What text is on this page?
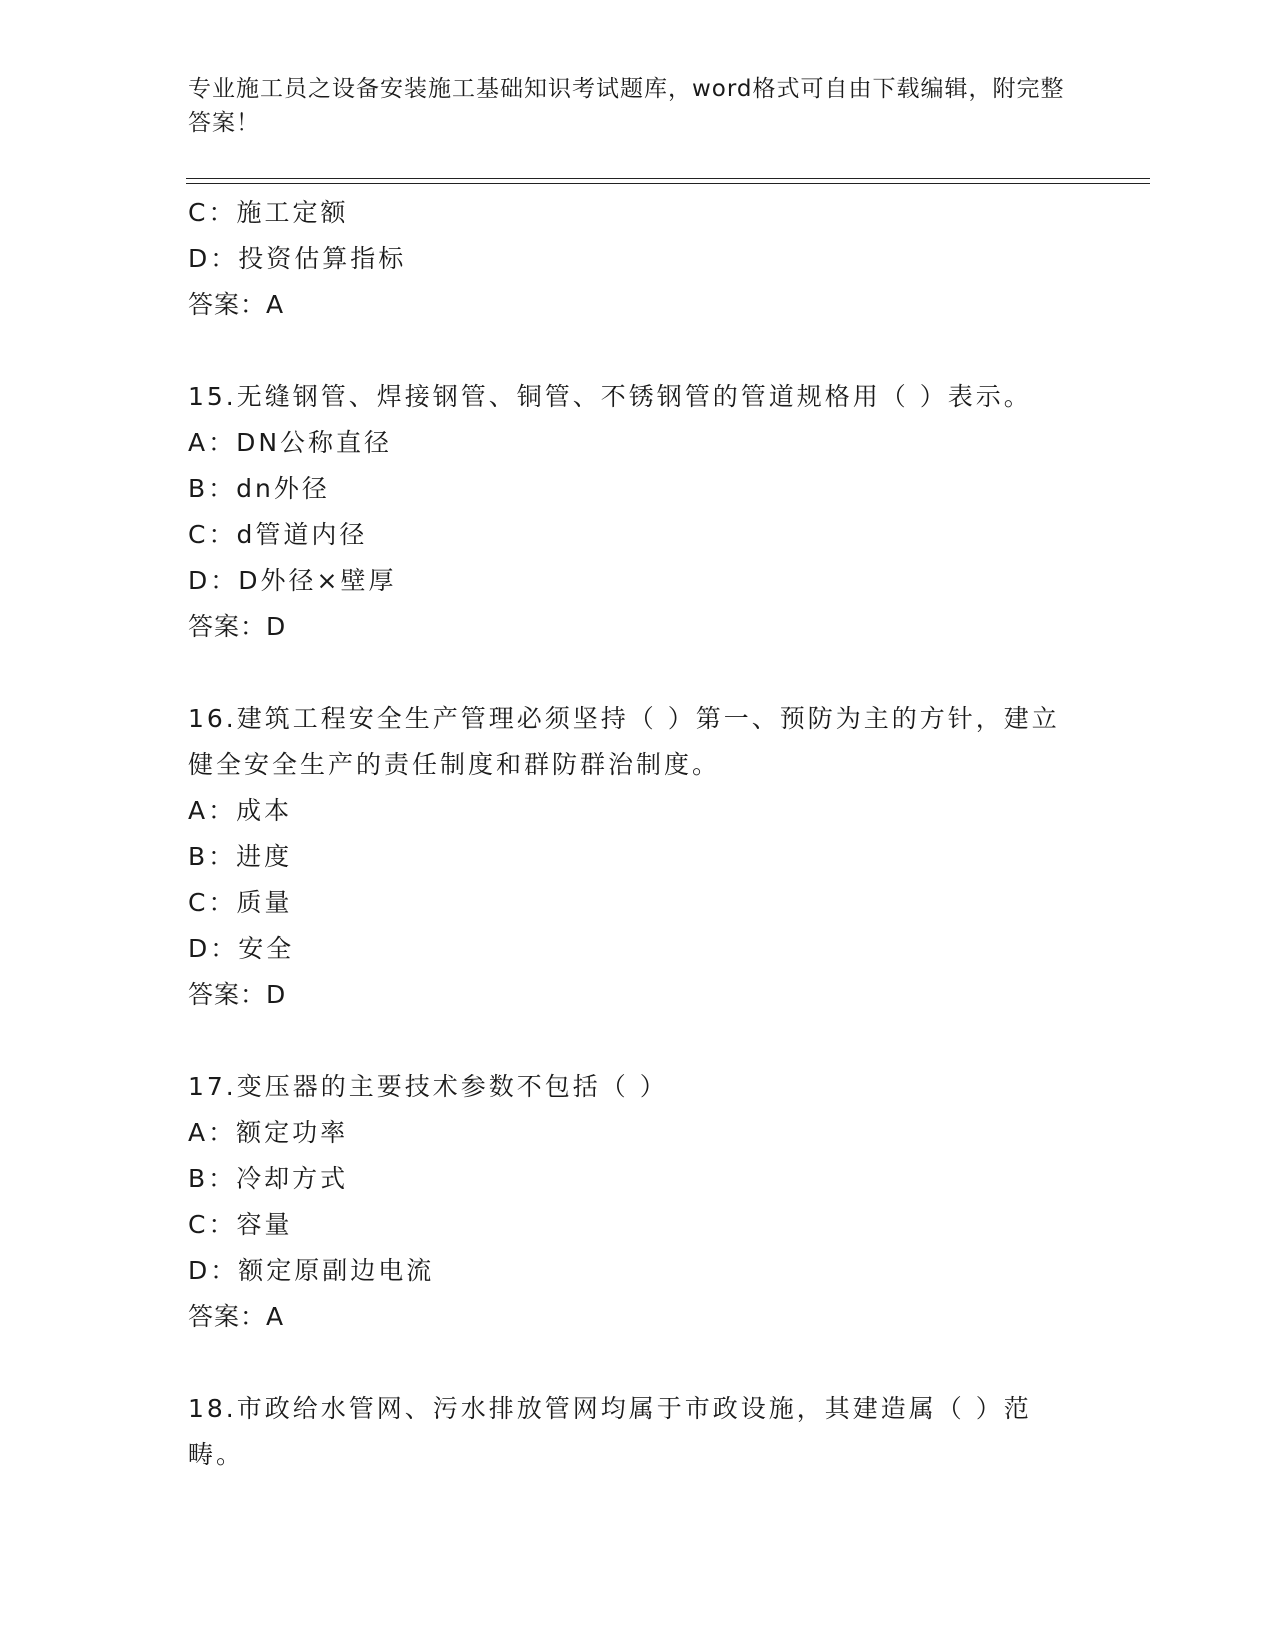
专业施工员之设备安装施工基础知识考试题库，word格式可自由下载编辑，附完整答案！
C：施工定额
D：投资估算指标
答案：A
15.无缝钢管、焊接钢管、铜管、不锈钢管的管道规格用（ ）表示。
A：DN公称直径
B：dn外径
C：d管道内径
D：D外径×壁厚
答案：D
16.建筑工程安全生产管理必须坚持（ ）第一、预防为主的方针，建立健全安全生产的责任制度和群防群治制度。
A：成本
B：进度
C：质量
D：安全
答案：D
17.变压器的主要技术参数不包括（ ）
A：额定功率
B：冷却方式
C：容量
D：额定原副边电流
答案：A
18.市政给水管网、污水排放管网均属于市政设施，其建造属（ ）范畴。
